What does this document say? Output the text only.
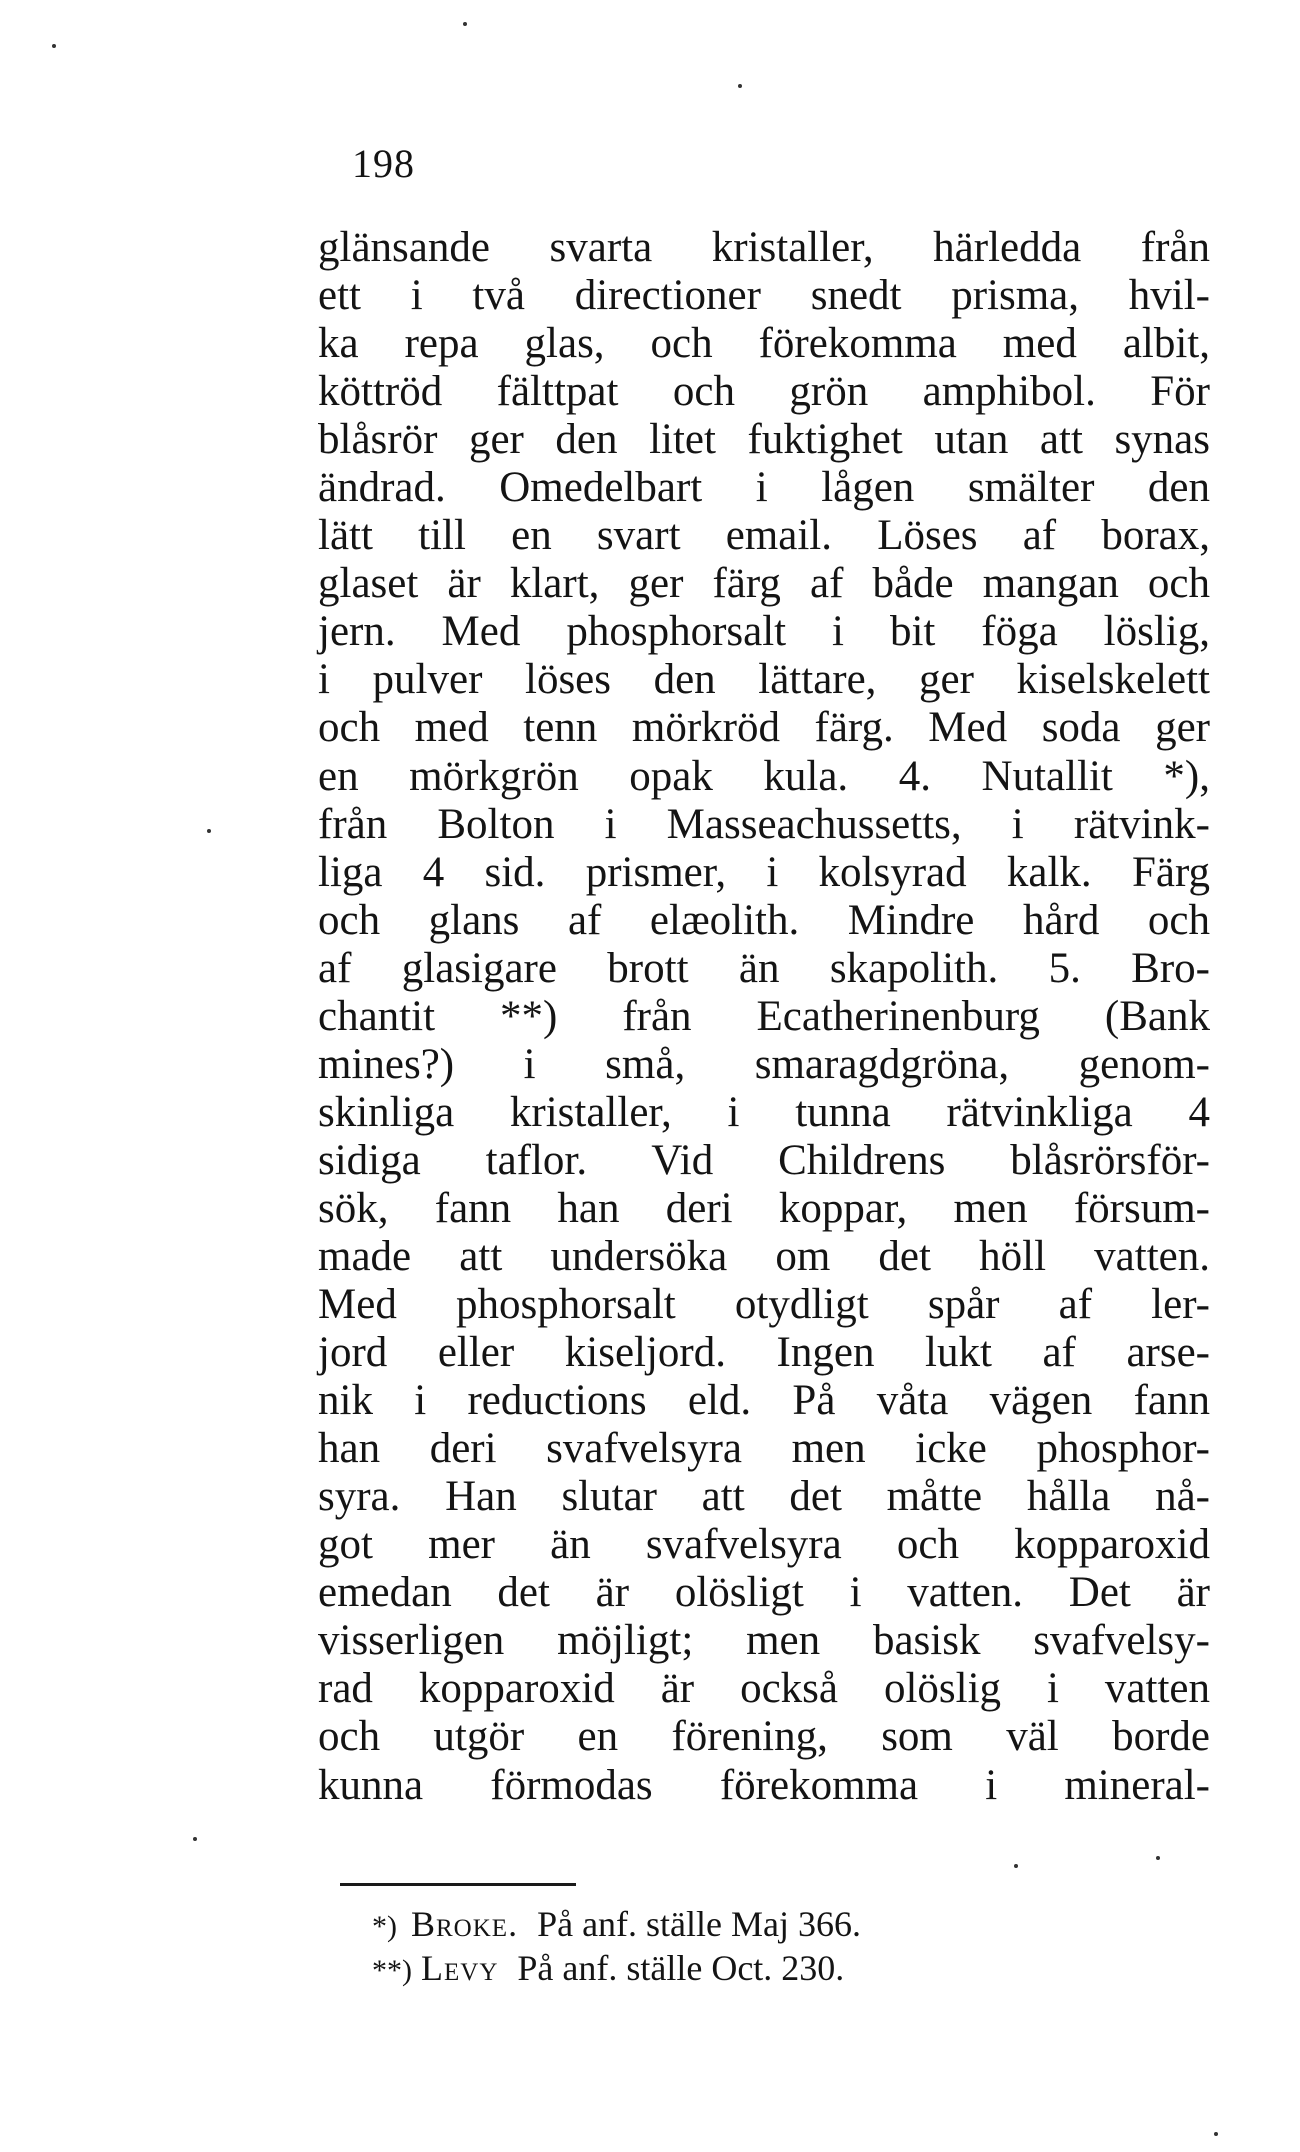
198
glänsande svarta kristaller, härledda från
ett i två directioner snedt prisma, hvil-
ka repa glas, och förekomma med albit,
köttröd fälttpat och grön amphibol. För
blåsrör ger den litet fuktighet utan att synas
ändrad. Omedelbart i lågen smälter den
lätt till en svart email. Löses af borax,
glaset är klart, ger färg af både mangan och
jern. Med phosphorsalt i bit föga löslig,
i pulver löses den lättare, ger kiselskelett
och med tenn mörkröd färg. Med soda ger
en mörkgrön opak kula. 4. Nutallit *),
från Bolton i Masseachussetts, i rätvink-
liga 4 sid. prismer, i kolsyrad kalk. Färg
och glans af elæolith. Mindre hård och
af glasigare brott än skapolith. 5. Bro-
chantit **) från Ecatherinenburg (Bank
mines?) i små, smaragdgröna, genom-
skinliga kristaller, i tunna rätvinkliga 4
sidiga taflor. Vid Childrens blåsrörsför-
sök, fann han deri koppar, men försum-
made att undersöka om det höll vatten.
Med phosphorsalt otydligt spår af ler-
jord eller kiseljord. Ingen lukt af arse-
nik i reductions eld. På våta vägen fann
han deri svafvelsyra men icke phosphor-
syra. Han slutar att det måtte hålla nå-
got mer än svafvelsyra och kopparoxid
emedan det är olösligt i vatten. Det är
visserligen möjligt; men basisk svafvelsy-
rad kopparoxid är också olöslig i vatten
och utgör en förening, som väl borde
kunna förmodas förekomma i mineral-
*) Broke. På anf. ställe Maj 366.
**) Levy På anf. ställe Oct. 230.
